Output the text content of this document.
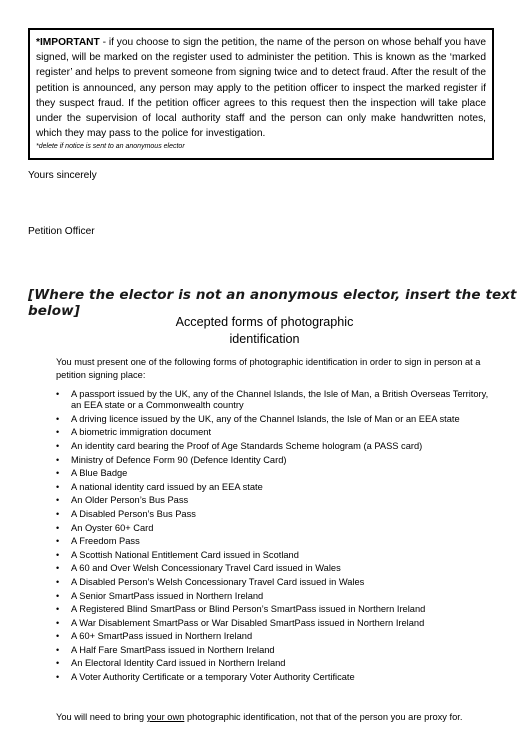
*IMPORTANT - if you choose to sign the petition, the name of the person on whose behalf you have signed, will be marked on the register used to administer the petition. This is known as the ‘marked register’ and helps to prevent someone from signing twice and to detect fraud. After the result of the petition is announced, any person may apply to the petition officer to inspect the marked register if they suspect fraud. If the petition officer agrees to this request then the inspection will take place under the supervision of local authority staff and the person can only make handwritten notes, which they may pass to the police for investigation.

*delete if notice is sent to an anonymous elector

Yours sincerely
Petition Officer
[Where the elector is not an anonymous elector, insert the text below]
Accepted forms of photographic
identification

You must present one of the following forms of photographic identification in order to sign in person at a petition signing place:

• A passport issued by the UK, any of the Channel Islands, the Isle of Man, a British Overseas Territory, an EEA state or a Commonwealth country
• A driving licence issued by the UK, any of the Channel Islands, the Isle of Man or an EEA state
• A biometric immigration document
• An identity card bearing the Proof of Age Standards Scheme hologram (a PASS card)
• Ministry of Defence Form 90 (Defence Identity Card)
• A Blue Badge
• A national identity card issued by an EEA state
• An Older Person’s Bus Pass
• A Disabled Person’s Bus Pass
• An Oyster 60+ Card
• A Freedom Pass
• A Scottish National Entitlement Card issued in Scotland
• A 60 and Over Welsh Concessionary Travel Card issued in Wales
• A Disabled Person’s Welsh Concessionary Travel Card issued in Wales
• A Senior SmartPass issued in Northern Ireland
• A Registered Blind SmartPass or Blind Person’s SmartPass issued in Northern Ireland
• A War Disablement SmartPass or War Disabled SmartPass issued in Northern Ireland
• A 60+ SmartPass issued in Northern Ireland
• A Half Fare SmartPass issued in Northern Ireland
• An Electoral Identity Card issued in Northern Ireland
• A Voter Authority Certificate or a temporary Voter Authority Certificate

You will need to bring your own photographic identification, not that of the person you are proxy for.
